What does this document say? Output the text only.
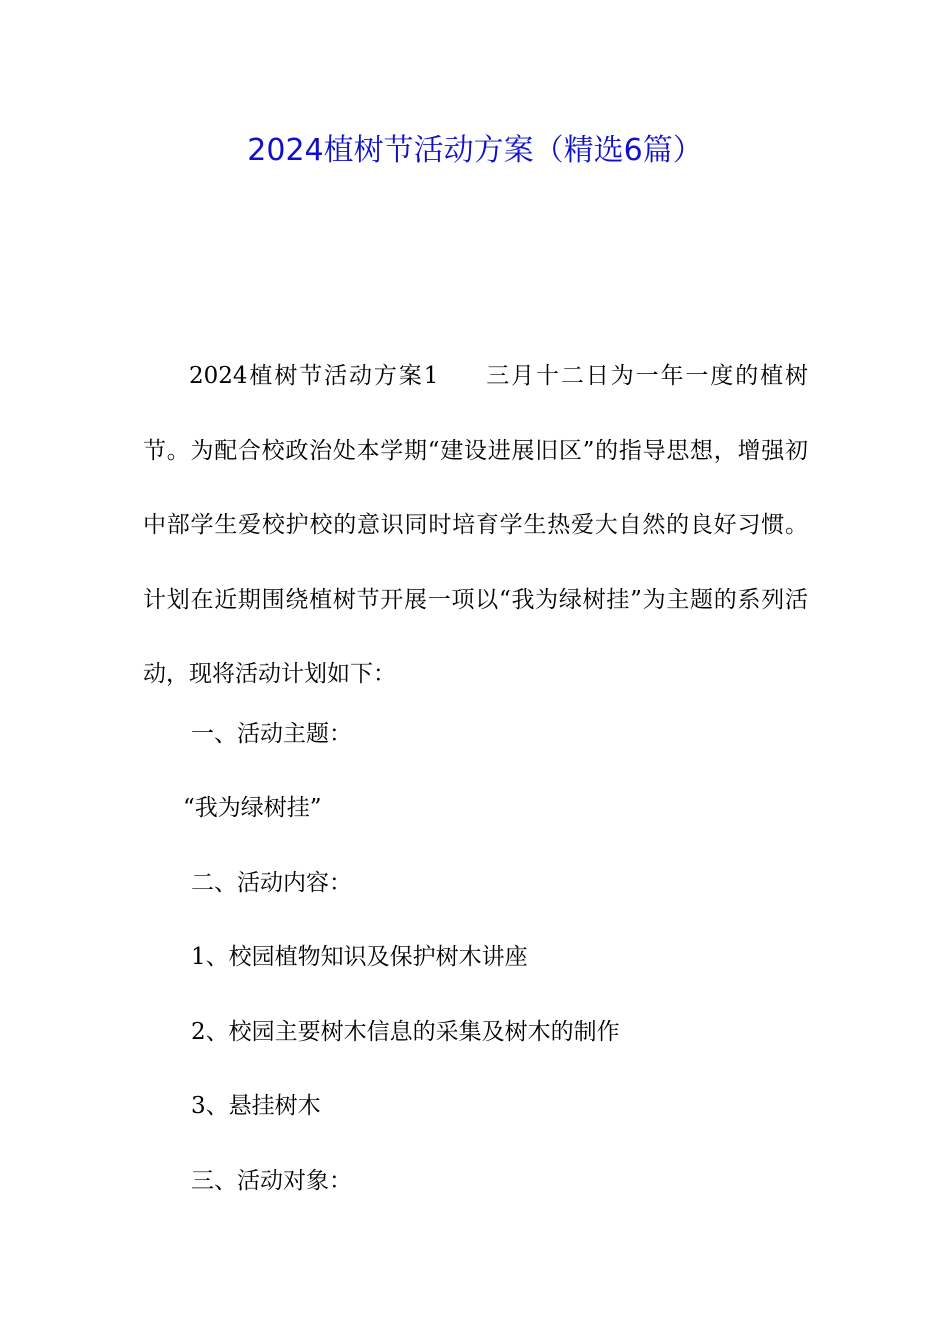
2024植树节活动方案（精选6篇）
2024植树节活动方案1 三月十二日为一年一度的植树节。为配合校政治处本学期“建设进展旧区”的指导思想，增强初中部学生爱校护校的意识同时培育学生热爱大自然的良好习惯。计划在近期围绕植树节开展一项以“我为绿树挂”为主题的系列活动，现将活动计划如下：
一、活动主题：
“我为绿树挂”
二、活动内容：
1、校园植物知识及保护树木讲座
2、校园主要树木信息的采集及树木的制作
3、悬挂树木
三、活动对象：
